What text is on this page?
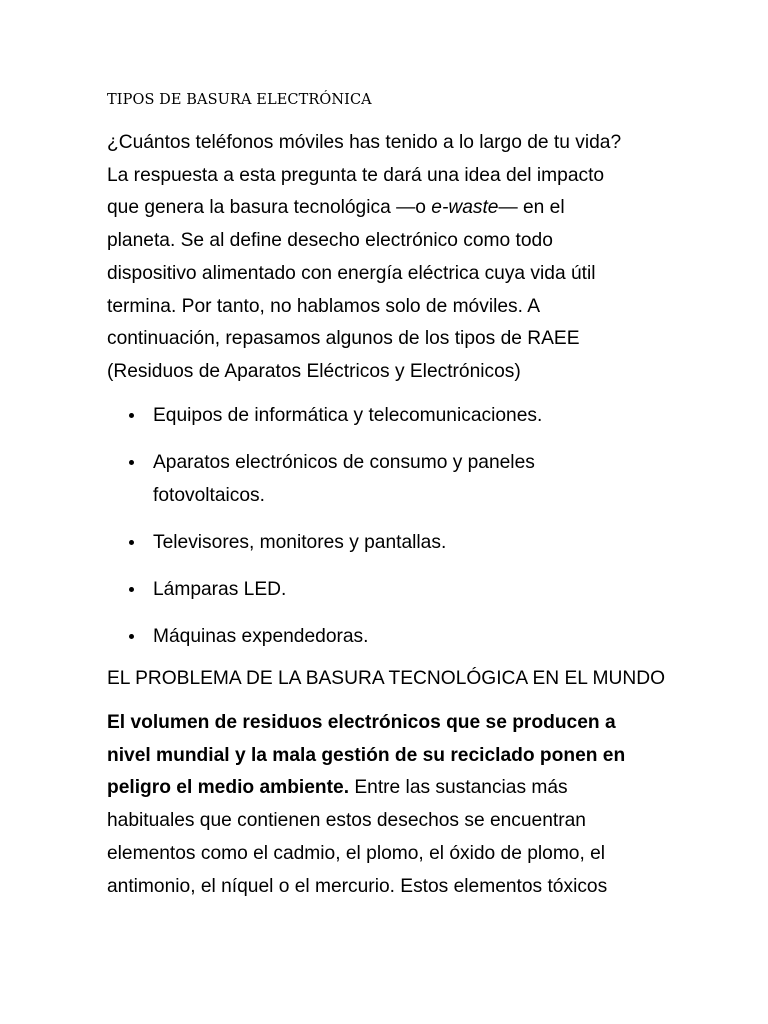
TIPOS DE BASURA ELECTRÓNICA

¿Cuántos teléfonos móviles has tenido a lo largo de tu vida?
La respuesta a esta pregunta te dará una idea del impacto
que genera la basura tecnológica —o e-waste— en el
planeta. Se al define desecho electrónico como todo
dispositivo alimentado con energía eléctrica cuya vida útil
termina. Por tanto, no hablamos solo de móviles. A
continuación, repasamos algunos de los tipos de RAEE
(Residuos de Aparatos Eléctricos y Electrónicos)

Equipos de informática y telecomunicaciones.
Aparatos electrónicos de consumo y paneles
fotovoltaicos.
Televisores, monitores y pantallas.
Lámparas LED.
Máquinas expendedoras.
EL PROBLEMA DE LA BASURA TECNOLÓGICA EN EL MUNDO

El volumen de residuos electrónicos que se producen a
nivel mundial y la mala gestión de su reciclado ponen en
peligro el medio ambiente. Entre las sustancias más
habituales que contienen estos desechos se encuentran
elementos como el cadmio, el plomo, el óxido de plomo, el
antimonio, el níquel o el mercurio. Estos elementos tóxicos
